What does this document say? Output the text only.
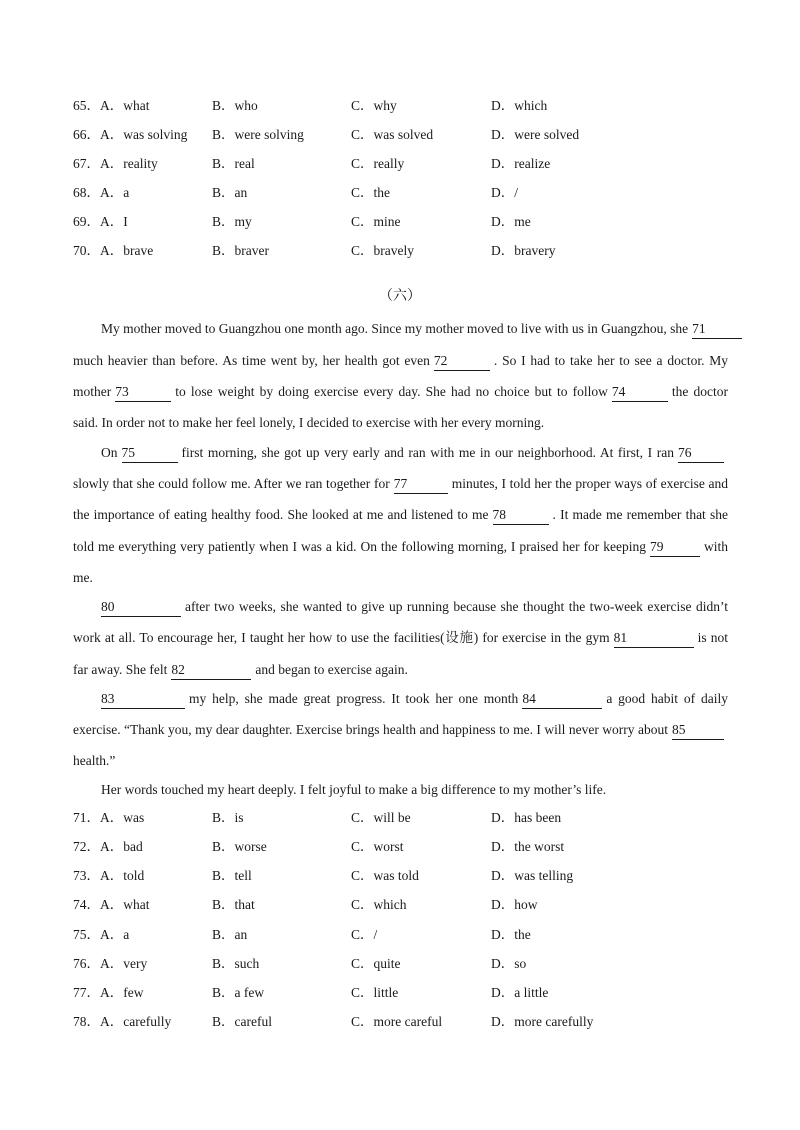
65．A．what	B．who	C．why	D．which
66．A．was solving B．were solving	C．was solved	D．were solved
67．A．reality	B．real	C．really	D．realize
68．A．a	B．an	C．the	D．/
69．A．I	B．my	C．mine	D．me
70．A．brave	B．braver	C．bravely	D．bravery
（六）
My mother moved to Guangzhou one month ago. Since my mother moved to live with us in Guangzhou, she 71
much heavier than before. As time went by, her health got even 72	. So I had to take her to see a doctor. My
mother 73	to lose weight by doing exercise every day. She had no choice but to follow 74	the doctor
said. In order not to make her feel lonely, I decided to exercise with her every morning.
On 75	first morning, she got up very early and ran with me in our neighborhood. At first, I ran 76
slowly that she could follow me. After we ran together for 77	minutes, I told her the proper ways of exercise and
the importance of eating healthy food. She looked at me and listened to me 78	. It made me remember that she
told me everything very patiently when I was a kid. On the following morning, I praised her for keeping 79	with
me.
80	after two weeks, she wanted to give up running because she thought the two-week exercise didn’t
work at all. To encourage her, I taught her how to use the facilities(设施) for exercise in the gym 81	is not
far away. She felt 82	and began to exercise again.
83	my help, she made great progress. It took her one month 84	a good habit of daily
exercise. “Thank you, my dear daughter. Exercise brings health and happiness to me. I will never worry about 85
health.”
Her words touched my heart deeply. I felt joyful to make a big difference to my mother’s life.
71．A．was	B．is	C．will be	D．has been
72．A．bad	B．worse	C．worst	D．the worst
73．A．told	B．tell	C．was told	D．was telling
74．A．what	B．that	C．which	D．how
75．A．a	B．an	C．/	D．the
76．A．very	B．such	C．quite	D．so
77．A．few	B．a few	C．little	D．a little
78．A．carefully	B．careful	C．more careful	D．more carefully
